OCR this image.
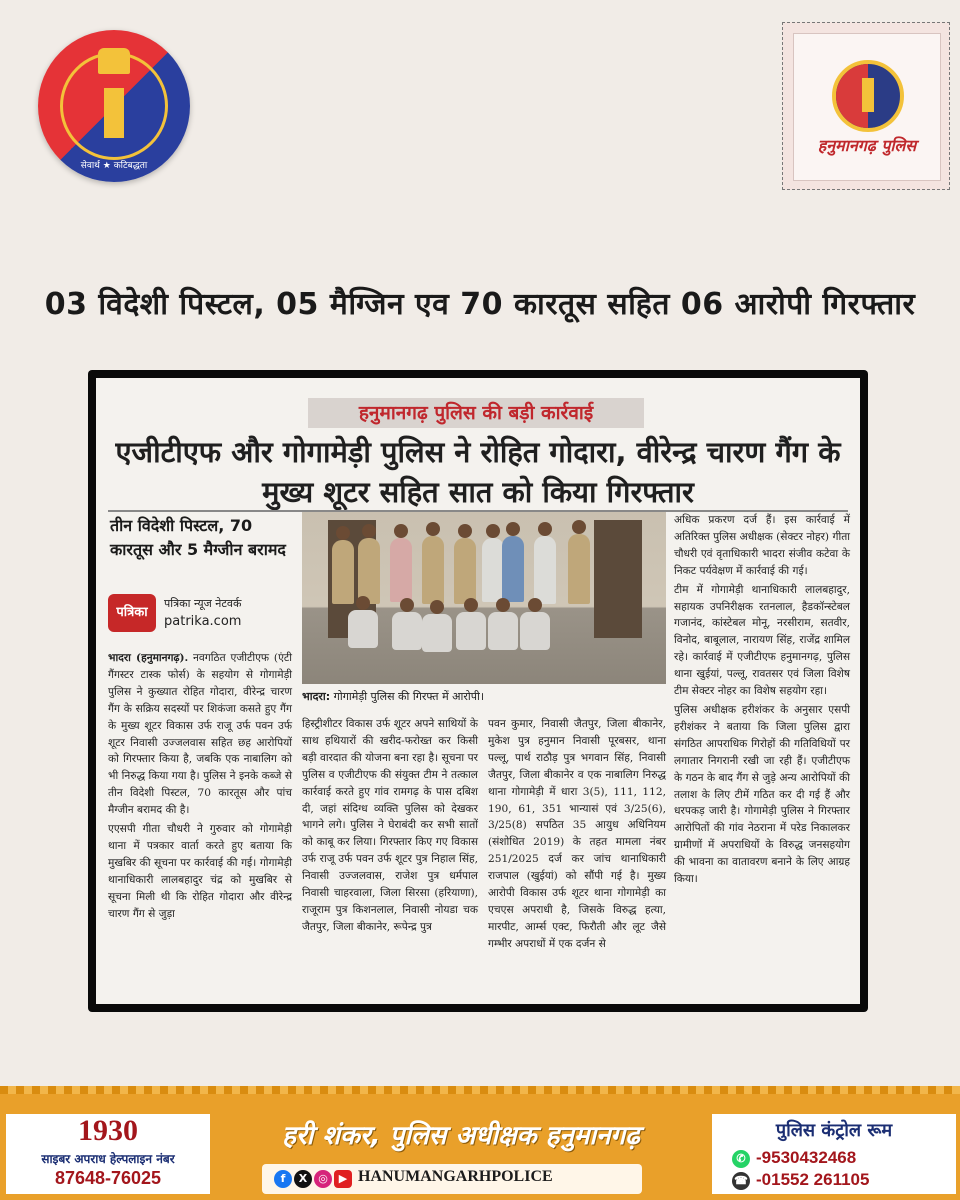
सेवार्थ ★ कटिबद्धता
हनुमानगढ़ पुलिस
03 विदेशी पिस्टल, 05 मैग्जिन एव 70 कारतूस सहित 06 आरोपी गिरफ्तार
हनुमानगढ़ पुलिस की बड़ी कार्रवाई
एजीटीएफ और गोगामेड़ी पुलिस ने रोहित गोदारा, वीरेन्द्र चारण गैंग के मुख्य शूटर सहित सात को किया गिरफ्तार
तीन विदेशी पिस्टल, 70 कारतूस और 5 मैग्जीन बरामद
पत्रिका
पत्रिका न्यूज नेटवर्क
patrika.com

भादरा (हनुमानगढ़). नवगठित एजीटीएफ (एंटी गैंगस्टर टास्क फोर्स) के सहयोग से गोगामेड़ी पुलिस ने कुख्यात रोहित गोदारा, वीरेन्द्र चारण गैंग के सक्रिय सदस्यों पर शिकंजा कसते हुए गैंग के मुख्य शूटर विकास उर्फ राजू उर्फ पवन उर्फ शूटर निवासी उज्जलवास सहित छह आरोपियों को गिरफ्तार किया है, जबकि एक नाबालिग को भी निरुद्ध किया गया है। पुलिस ने इनके कब्जे से तीन विदेशी पिस्टल, 70 कारतूस और पांच मैग्जीन बरामद की है।

एएसपी गीता चौधरी ने गुरुवार को गोगामेड़ी थाना में पत्रकार वार्ता करते हुए बताया कि मुखबिर की सूचना पर कार्रवाई की गई। गोगामेड़ी थानाधिकारी लालबहादुर चंद्र को मुखबिर से सूचना मिली थी कि रोहित गोदारा और वीरेन्द्र चारण गैंग से जुड़ा

भादरा: गोगामेड़ी पुलिस की गिरफ्त में आरोपी।

हिस्ट्रीशीटर विकास उर्फ शूटर अपने साथियों के साथ हथियारों की खरीद-फरोख्त कर किसी बड़ी वारदात की योजना बना रहा है। सूचना पर पुलिस व एजीटीएफ की संयुक्त टीम ने तत्काल कार्रवाई करते हुए गांव रामगढ़ के पास दबिश दी, जहां संदिग्ध व्यक्ति पुलिस को देखकर भागने लगे। पुलिस ने घेराबंदी कर सभी सातों को काबू कर लिया। गिरफ्तार किए गए विकास उर्फ राजू उर्फ पवन उर्फ शूटर पुत्र निहाल सिंह, निवासी उज्जलवास, राजेश पुत्र धर्मपाल निवासी चाहरवाला, जिला सिरसा (हरियाणा), राजूराम पुत्र किशनलाल, निवासी नोयडा चक जैतपुर, जिला बीकानेर, रूपेन्द्र पुत्र

पवन कुमार, निवासी जैतपुर, जिला बीकानेर, मुकेश पुत्र हनुमान निवासी पूरबसर, थाना पल्लू, पार्थ राठौड़ पुत्र भगवान सिंह, निवासी जैतपुर, जिला बीकानेर व एक नाबालिग निरुद्ध थाना गोगामेड़ी में धारा 3(5), 111, 112, 190, 61, 351 भान्यासं एवं 3/25(6), 3/25(8) सपठित 35 आयुध अधिनियम (संशोधित 2019) के तहत मामला नंबर 251/2025 दर्ज कर जांच थानाधिकारी राजपाल (खुईयां) को सौंपी गई है। मुख्य आरोपी विकास उर्फ शूटर थाना गोगामेड़ी का एचएस अपराधी है, जिसके विरुद्ध हत्या, मारपीट, आर्म्स एक्ट, फिरौती और लूट जैसे गम्भीर अपराधों में एक दर्जन से

अधिक प्रकरण दर्ज हैं। इस कार्रवाई में अतिरिक्त पुलिस अधीक्षक (सेक्टर नोहर) गीता चौधरी एवं वृताधिकारी भादरा संजीव कटेवा के निकट पर्यवेक्षण में कार्रवाई की गई।

टीम में गोगामेड़ी थानाधिकारी लालबहादुर, सहायक उपनिरीक्षक रतनलाल, हैडकॉन्स्टेबल गजानंद, कांस्टेबल मोनू, नरसीराम, सतवीर, विनोद, बाबूलाल, नारायण सिंह, राजेंद्र शामिल रहे। कार्रवाई में एजीटीएफ हनुमानगढ़, पुलिस थाना खुईयां, पल्लू, रावतसर एवं जिला विशेष टीम सेक्टर नोहर का विशेष सहयोग रहा।

पुलिस अधीक्षक हरीशंकर के अनुसार एसपी हरीशंकर ने बताया कि जिला पुलिस द्वारा संगठित आपराधिक गिरोहों की गतिविधियों पर लगातार निगरानी रखी जा रही हैं। एजीटीएफ के गठन के बाद गैंग से जुड़े अन्य आरोपियों की तलाश के लिए टीमें गठित कर दी गई हैं और धरपकड़ जारी है। गोगामेड़ी पुलिस ने गिरफ्तार आरोपितों की गांव नेठराना में परेड निकालकर ग्रामीणों में अपराधियों के विरुद्ध जनसहयोग की भावना का वातावरण बनाने के लिए आग्रह किया।

1930
साइबर अपराध हेल्पलाइन नंबर
87648-76025
हरी शंकर, पुलिस अधीक्षक हनुमानगढ़
f	X ◎ ▶ HANUMANGARHPOLICE
पुलिस कंट्रोल रूम
✆ -9530432468
☎ -01552 261105
